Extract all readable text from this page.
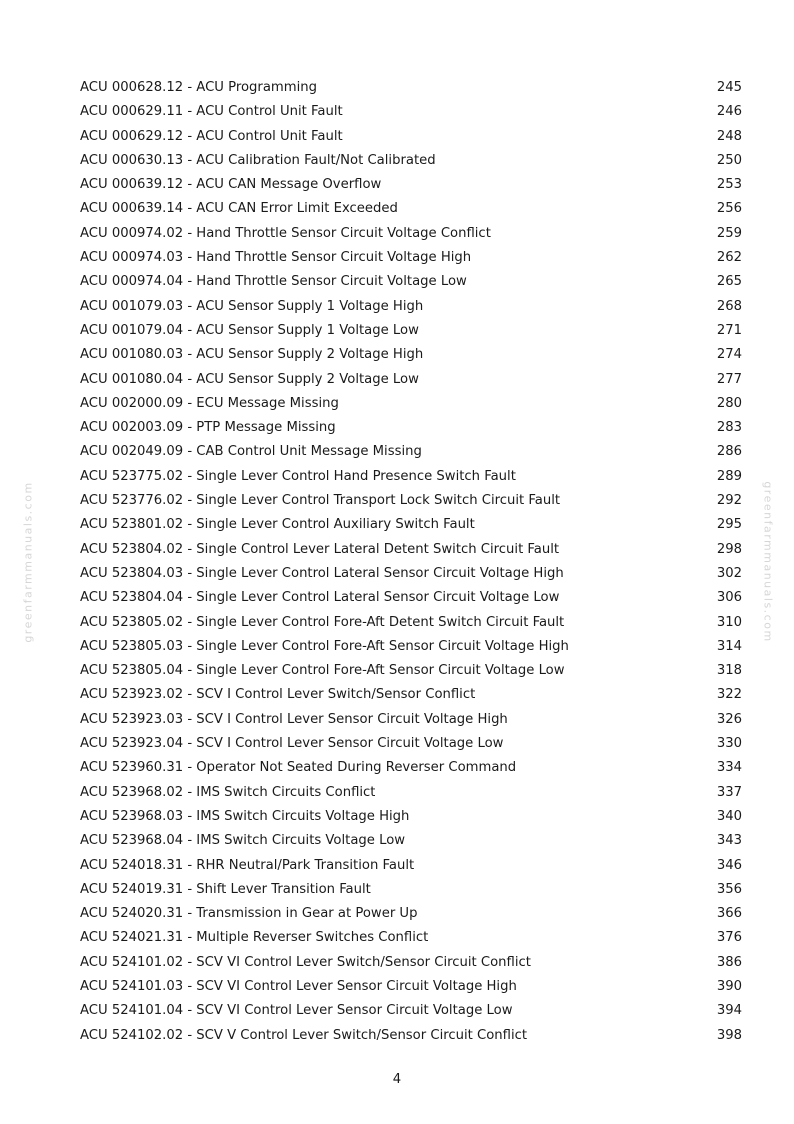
ACU 000628.12 - ACU Programming	245
ACU 000629.11 - ACU Control Unit Fault	246
ACU 000629.12 - ACU Control Unit Fault	248
ACU 000630.13 - ACU Calibration Fault/Not Calibrated	250
ACU 000639.12 - ACU CAN Message Overflow	253
ACU 000639.14 - ACU CAN Error Limit Exceeded	256
ACU 000974.02 - Hand Throttle Sensor Circuit Voltage Conflict	259
ACU 000974.03 - Hand Throttle Sensor Circuit Voltage High	262
ACU 000974.04 - Hand Throttle Sensor Circuit Voltage Low	265
ACU 001079.03 - ACU Sensor Supply 1 Voltage High	268
ACU 001079.04 - ACU Sensor Supply 1 Voltage Low	271
ACU 001080.03 - ACU Sensor Supply 2 Voltage High	274
ACU 001080.04 - ACU Sensor Supply 2 Voltage Low	277
ACU 002000.09 - ECU Message Missing	280
ACU 002003.09 - PTP Message Missing	283
ACU 002049.09 - CAB Control Unit Message Missing	286
ACU 523775.02 - Single Lever Control Hand Presence Switch Fault	289
ACU 523776.02 - Single Lever Control Transport Lock Switch Circuit Fault	292
ACU 523801.02 - Single Lever Control Auxiliary Switch Fault	295
ACU 523804.02 - Single Control Lever Lateral Detent Switch Circuit Fault	298
ACU 523804.03 - Single Lever Control Lateral Sensor Circuit Voltage High	302
ACU 523804.04 - Single Lever Control Lateral Sensor Circuit Voltage Low	306
ACU 523805.02 - Single Lever Control Fore-Aft Detent Switch Circuit Fault	310
ACU 523805.03 - Single Lever Control Fore-Aft Sensor Circuit Voltage High	314
ACU 523805.04 - Single Lever Control Fore-Aft Sensor Circuit Voltage Low	318
ACU 523923.02 - SCV I Control Lever Switch/Sensor Conflict	322
ACU 523923.03 - SCV I Control Lever Sensor Circuit Voltage High	326
ACU 523923.04 - SCV I Control Lever Sensor Circuit Voltage Low	330
ACU 523960.31 - Operator Not Seated During Reverser Command	334
ACU 523968.02 - IMS Switch Circuits Conflict	337
ACU 523968.03 - IMS Switch Circuits Voltage High	340
ACU 523968.04 - IMS Switch Circuits Voltage Low	343
ACU 524018.31 - RHR Neutral/Park Transition Fault	346
ACU 524019.31 - Shift Lever Transition Fault	356
ACU 524020.31 - Transmission in Gear at Power Up	366
ACU 524021.31 - Multiple Reverser Switches Conflict	376
ACU 524101.02 - SCV VI Control Lever Switch/Sensor Circuit Conflict	386
ACU 524101.03 - SCV VI Control Lever Sensor Circuit Voltage High	390
ACU 524101.04 - SCV VI Control Lever Sensor Circuit Voltage Low	394
ACU 524102.02 - SCV V Control Lever Switch/Sensor Circuit Conflict	398
4
greenfarmmanuals.com	greenfarmmanuals.com
